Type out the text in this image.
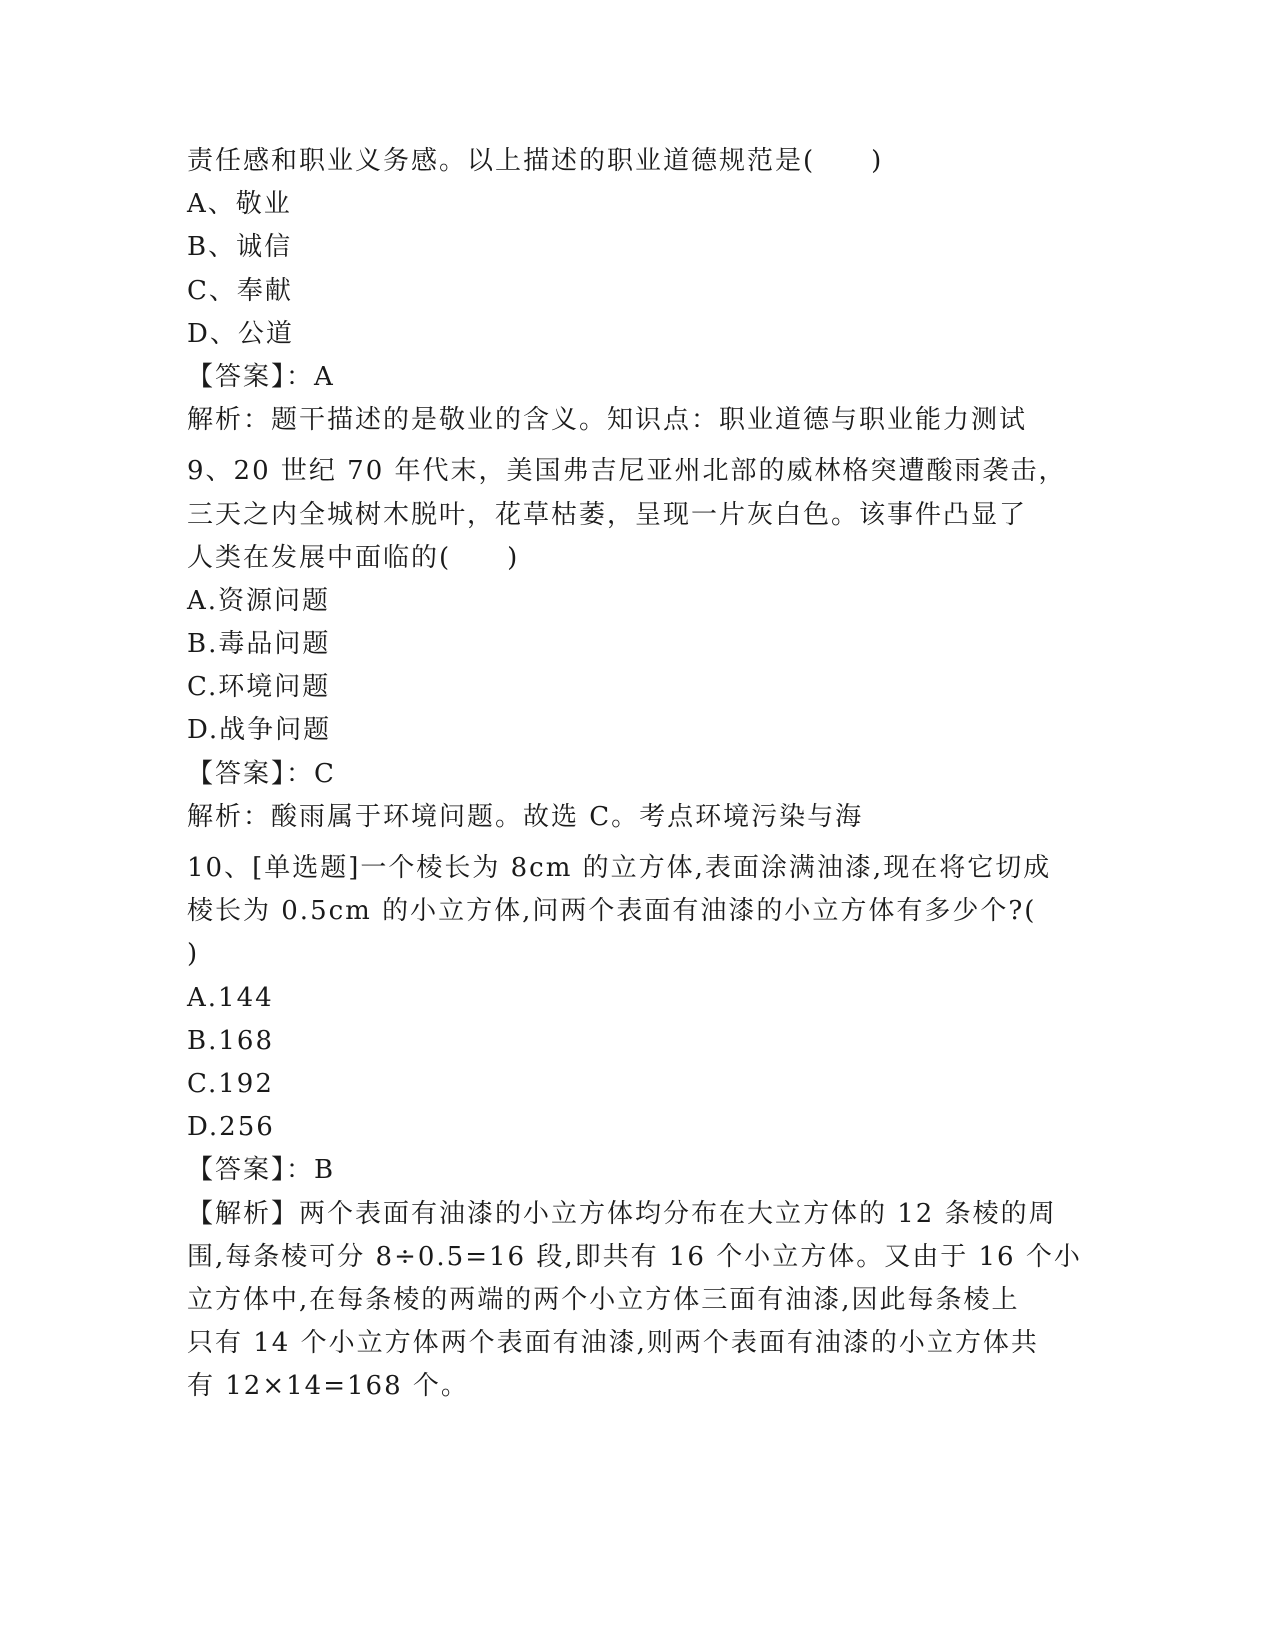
责任感和职业义务感。以上描述的职业道德规范是(　　)
A、敬业
B、诚信
C、奉献
D、公道
【答案】：A
解析：题干描述的是敬业的含义。知识点：职业道德与职业能力测试
9、20 世纪 70 年代末，美国弗吉尼亚州北部的威林格突遭酸雨袭击，
三天之内全城树木脱叶，花草枯萎，呈现一片灰白色。该事件凸显了
人类在发展中面临的(　　)
A.资源问题
B.毒品问题
C.环境问题
D.战争问题
【答案】：C
解析：酸雨属于环境问题。故选 C。考点环境污染与海
10、[单选题]一个棱长为 8cm 的立方体,表面涂满油漆,现在将它切成
棱长为 0.5cm 的小立方体,问两个表面有油漆的小立方体有多少个?(
)
A.144
B.168
C.192
D.256
【答案】：B
【解析】两个表面有油漆的小立方体均分布在大立方体的 12 条棱的周
围,每条棱可分 8÷0.5=16 段,即共有 16 个小立方体。又由于 16 个小
立方体中,在每条棱的两端的两个小立方体三面有油漆,因此每条棱上
只有 14 个小立方体两个表面有油漆,则两个表面有油漆的小立方体共
有 12×14=168 个。
